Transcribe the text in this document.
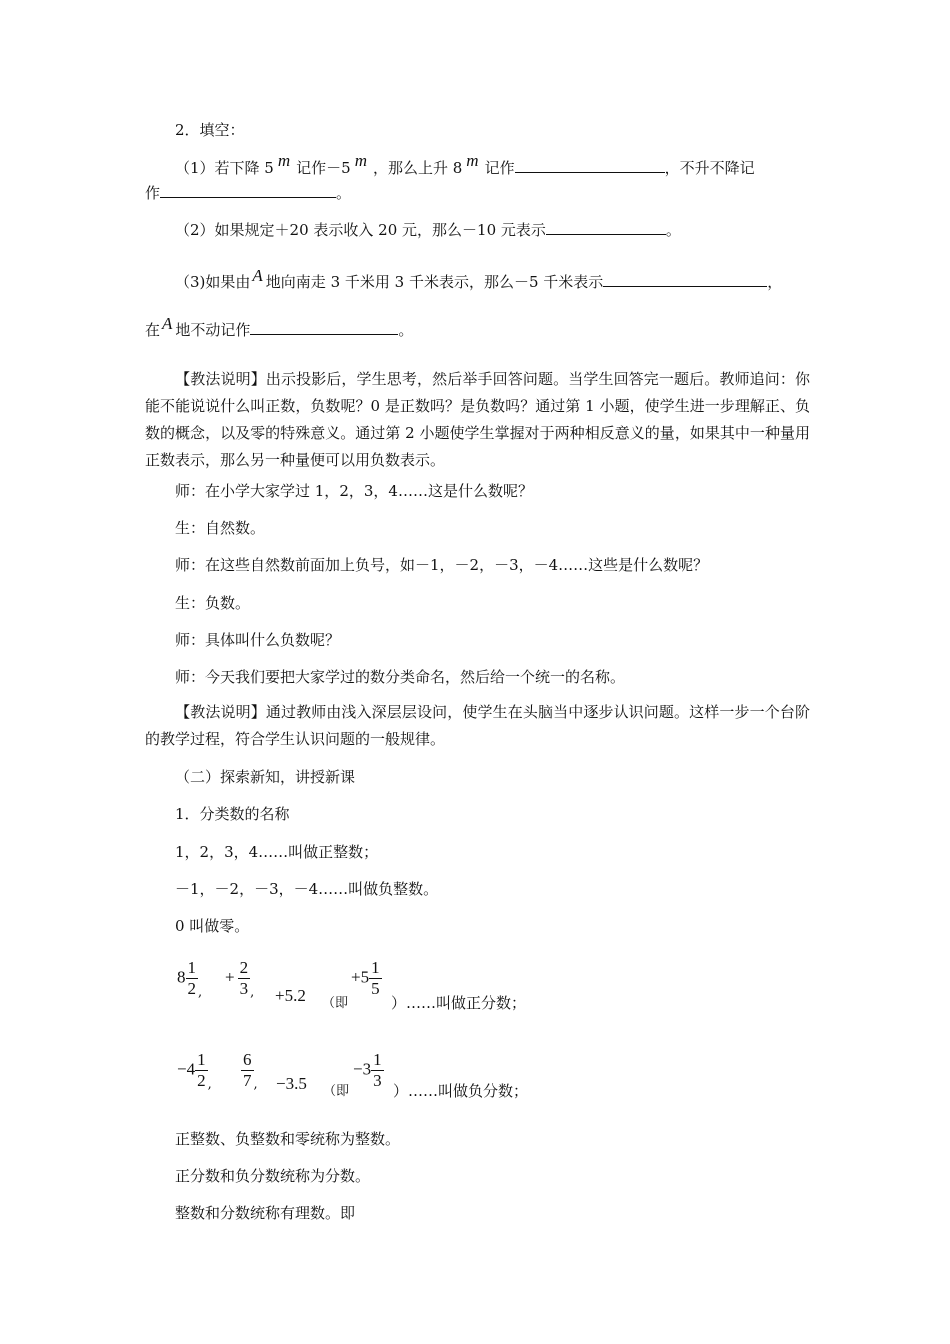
2．填空：
（1）若下降 5 m 记作－5 m ，那么上升 8 m 记作	，不升不降记
作	。
（2）如果规定＋20 表示收入 20 元，那么－10 元表示	。
（3)如果由 A 地向南走 3 千米用 3 千米表示，那么－5 千米表示	，
在 A 地不动记作	。
【教法说明】出示投影后，学生思考，然后举手回答问题。当学生回答完一题后。教师追问：你能不能说说什么叫正数，负数呢？0 是正数吗？是负数吗？通过第 1 小题，使学生进一步理解正、负数的概念，以及零的特殊意义。通过第 2 小题使学生掌握对于两种相反意义的量，如果其中一种量用正数表示，那么另一种量便可以用负数表示。
师：在小学大家学过 1，2，3，4……这是什么数呢？
生：自然数。
师：在这些自然数前面加上负号，如－1，－2，－3，－4……这些是什么数呢？
生：负数。
师：具体叫什么负数呢？
师：今天我们要把大家学过的数分类命名，然后给一个统一的名称。
【教法说明】通过教师由浅入深层层设问，使学生在头脑当中逐步认识问题。这样一步一个台阶的教学过程，符合学生认识问题的一般规律。
（二）探索新知，讲授新课
1．分类数的名称
1，2，3，4……叫做正整数；
－1，－2，－3，－4……叫做负整数。
0 叫做零。
$8 \frac{1}{2} _,$
+ $\frac{2}{3} _, +5.2$ （即
$+5 \frac{1}{5}$
）……叫做正分数；
$-4 \frac{1}{2} _, \frac{6}{7} _, -3.5$ （即
$-3 \frac{1}{3}$ ）……叫做负分数；
正整数、负整数和零统称为整数。
正分数和负分数统称为分数。
整数和分数统称有理数。即
